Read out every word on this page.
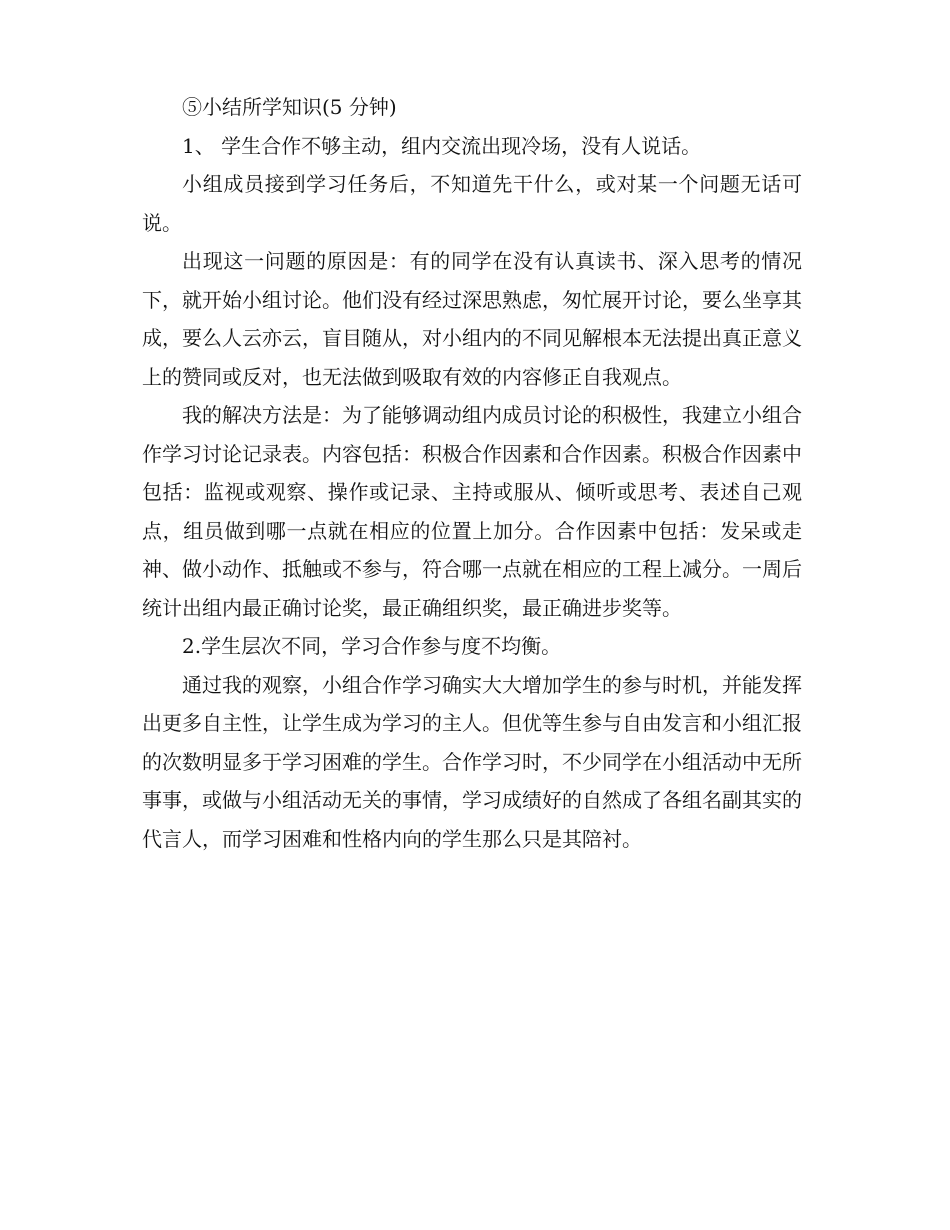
⑤小结所学知识(5 分钟)

1、 学生合作不够主动，组内交流出现冷场，没有人说话。

小组成员接到学习任务后，不知道先干什么，或对某一个问题无话可说。

出现这一问题的原因是：有的同学在没有认真读书、深入思考的情况下，就开始小组讨论。他们没有经过深思熟虑，匆忙展开讨论，要么坐享其成，要么人云亦云，盲目随从，对小组内的不同见解根本无法提出真正意义上的赞同或反对，也无法做到吸取有效的内容修正自我观点。

我的解决方法是：为了能够调动组内成员讨论的积极性，我建立小组合作学习讨论记录表。内容包括：积极合作因素和合作因素。积极合作因素中包括：监视或观察、操作或记录、主持或服从、倾听或思考、表述自己观点，组员做到哪一点就在相应的位置上加分。合作因素中包括：发呆或走神、做小动作、抵触或不参与，符合哪一点就在相应的工程上减分。一周后统计出组内最正确讨论奖，最正确组织奖，最正确进步奖等。

2.学生层次不同，学习合作参与度不均衡。

通过我的观察，小组合作学习确实大大增加学生的参与时机，并能发挥出更多自主性，让学生成为学习的主人。但优等生参与自由发言和小组汇报的次数明显多于学习困难的学生。合作学习时，不少同学在小组活动中无所事事，或做与小组活动无关的事情，学习成绩好的自然成了各组名副其实的代言人，而学习困难和性格内向的学生那么只是其陪衬。
